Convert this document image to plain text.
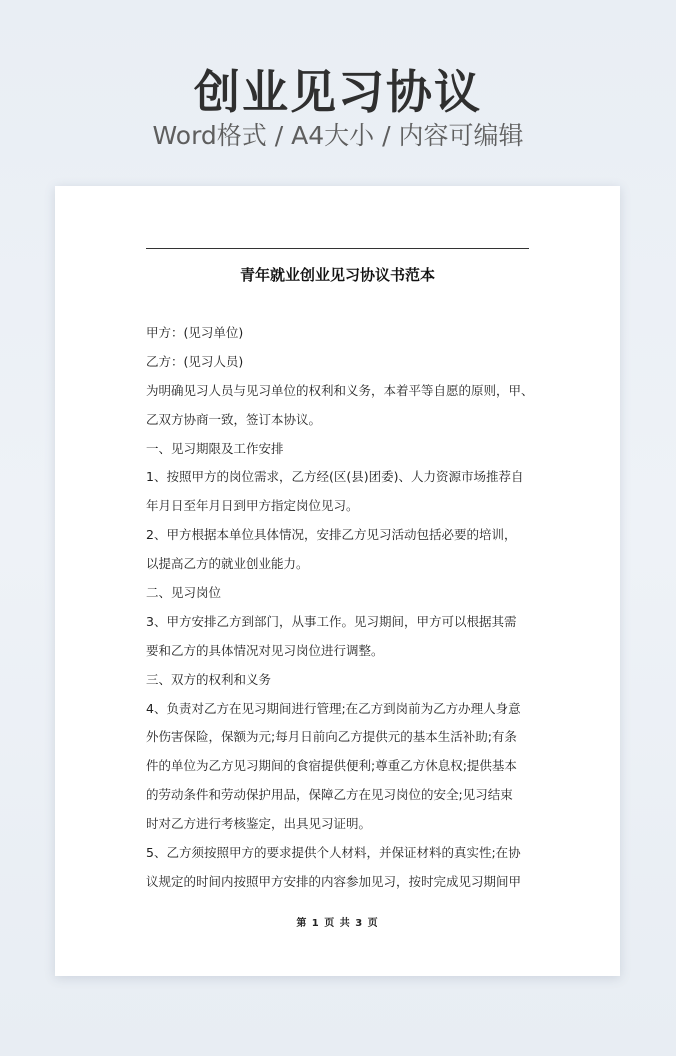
创业见习协议
Word格式 / A4大小 / 内容可编辑
青年就业创业见习协议书范本
甲方：(见习单位)
乙方：(见习人员)
为明确见习人员与见习单位的权利和义务，本着平等自愿的原则，甲、
乙双方协商一致，签订本协议。
一、见习期限及工作安排
1、按照甲方的岗位需求，乙方经(区(县)团委)、人力资源市场推荐自
年月日至年月日到甲方指定岗位见习。
2、甲方根据本单位具体情况，安排乙方见习活动包括必要的培训，
以提高乙方的就业创业能力。
二、见习岗位
3、甲方安排乙方到部门，从事工作。见习期间，甲方可以根据其需
要和乙方的具体情况对见习岗位进行调整。
三、双方的权利和义务
4、负责对乙方在见习期间进行管理;在乙方到岗前为乙方办理人身意
外伤害保险，保额为元;每月日前向乙方提供元的基本生活补助;有条
件的单位为乙方见习期间的食宿提供便利;尊重乙方休息权;提供基本
的劳动条件和劳动保护用品，保障乙方在见习岗位的安全;见习结束
时对乙方进行考核鉴定，出具见习证明。
5、乙方须按照甲方的要求提供个人材料，并保证材料的真实性;在协
议规定的时间内按照甲方安排的内容参加见习，按时完成见习期间甲
第 1 页 共 3 页
